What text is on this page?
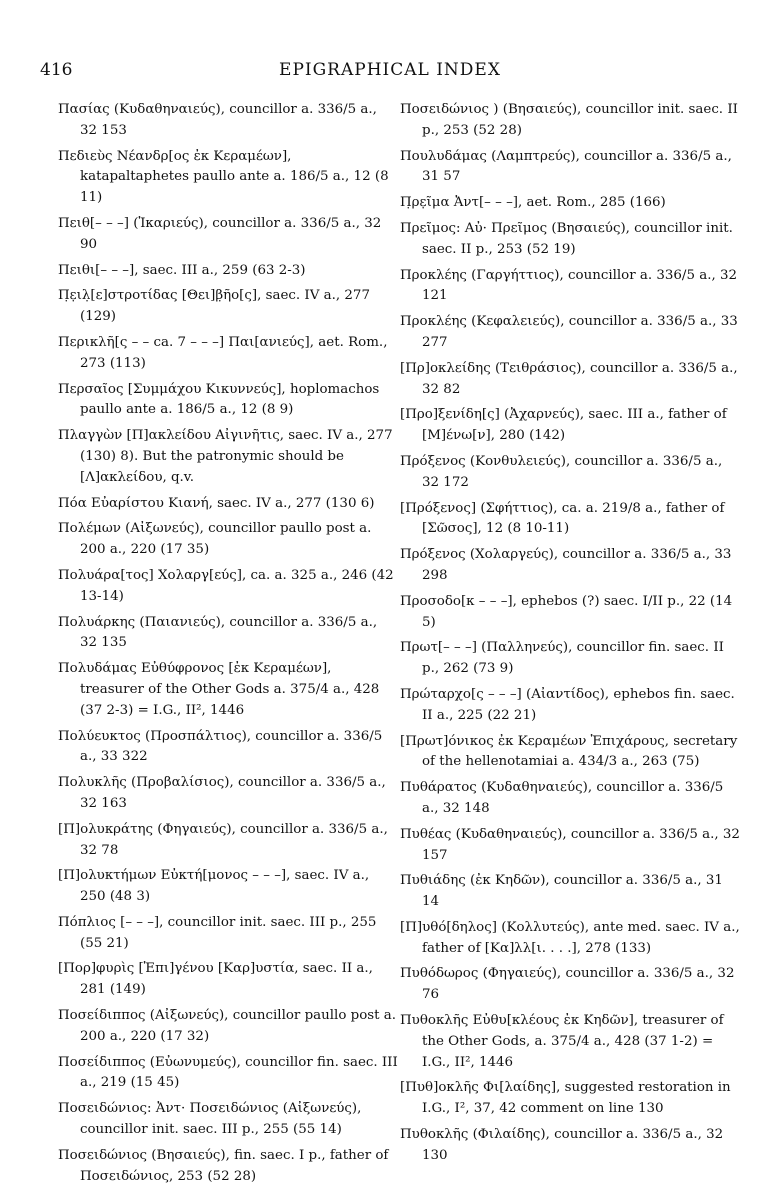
416	EPIGRAPHICAL INDEX

Πασίας (Κυδαθηναιεύς), councillor a. 336/5 a., 32 153

Πεδιεὺς Νέανδρ[ος ἐκ Κεραμέων], katapaltaphetes paullo ante a. 186/5 a., 12 (8 11)

Πειθ[– – –] (Ἰκαριεύς), councillor a. 336/5 a., 32 90

Πειθι[– – –], saec. III a., 259 (63 2-3)

Π̣ε̣ιλ̣[ε]στροτίδας [Θει]β̣ῆο[ς], saec. IV a., 277 (129)

Περικλῆ[ς – – ca. 7 – – –] Παι[ανιεύς], aet. Rom., 273 (113)

Περσαῖος [Συμμάχου Κικυννεύς], hoplomachos paullo ante a. 186/5 a., 12 (8 9)

Πλαγγὼν [Π]ακλείδου Αἰγινῆτις, saec. IV a., 277 (130) 8). But the patronymic should be [Λ]ακλείδου, q.v.

Πόα Εὐαρίστου Κιανή, saec. IV a., 277 (130 6)

Πολέμων (Αἰξωνεύς), councillor paullo post a. 200 a., 220 (17 35)

Πολυάρα[τος] Χολαργ[εύς], ca. a. 325 a., 246 (42 13-14)

Πολυάρκης (Παιανιεύς), councillor a. 336/5 a., 32 135

Πολυδάμας Εὐθύφρονος [ἐκ Κεραμέων], treasurer of the Other Gods a. 375/4 a., 428 (37 2-3) = I.G., II², 1446

Πολύευκτος (Προσπάλτιος), councillor a. 336/5 a., 33 322

Πολυκλῆς (Προβαλίσιος), councillor a. 336/5 a., 32 163

[Π]ολυκράτης (Φηγαιεύς), councillor a. 336/5 a., 32 78

[Π]ολυκτήμων Εὐκτή[μονος – – –], saec. IV a., 250 (48 3)

Πόπλιος [– – –], councillor init. saec. III p., 255 (55 21)

[Πορ]φυρὶς [Ἐπι]γένου [Καρ]υστία, saec. II a., 281 (149)

Ποσείδιππος (Αἰξωνεύς), councillor paullo post a. 200 a., 220 (17 32)

Ποσείδιππος (Εὐωνυμεύς), councillor fin. saec. III a., 219 (15 45)

Ποσειδώνιος: Ἀντ· Ποσειδώνιος (Αἰξωνεύς), councillor init. saec. III p., 255 (55 14)

Ποσειδώνιος (Βησαιεύς), fin. saec. I p., father of Ποσειδώνιος, 253 (52 28)

Ποσειδώνιος ) (Βησαιεύς), councillor init. saec. II p., 253 (52 28)

Πουλυδάμας (Λαμπτρεύς), councillor a. 336/5 a., 31 57

Π̣ρε̣ῖμα Ἀντ[– – –], aet. Rom., 285 (166)

Πρεῖμος: Αὐ· Πρεῖμος (Βησαιεύς), councillor init. saec. II p., 253 (52 19)

Προκλέης (Γαργήττιος), councillor a. 336/5 a., 32 121

Προκλέης (Κεφαλειεύς), councillor a. 336/5 a., 33 277

[Πρ]οκλείδης (Τειθράσιος), councillor a. 336/5 a., 32 82

[Προ]ξενίδη[ς] (Ἀχαρνεύς), saec. III a., father of [Μ]ένω[ν], 280 (142)

Πρόξενος (Κονθυλειεύς), councillor a. 336/5 a., 32 172

[Πρόξενος] (Σφήττιος), ca. a. 219/8 a., father of [Σῶσος], 12 (8 10-11)

Πρόξενος (Χολαργεύς), councillor a. 336/5 a., 33 298

Προσοδο[κ – – –], ephebos (?) saec. I/II p., 22 (14 5)

Πρωτ[– – –] (Παλληνεύς), councillor fin. saec. II p., 262 (73 9)

Πρώταρχο[ς – – –] (Αἰαντίδος), ephebos fin. saec. II a., 225 (22 21)

[Πρωτ]όνικος ἐκ Κεραμέων Ἐπιχάρους, secretary of the hellenotamiai a. 434/3 a., 263 (75)

Πυθάρατος (Κυδαθηναιεύς), councillor a. 336/5 a., 32 148

Πυθέας (Κυδαθηναιεύς), councillor a. 336/5 a., 32 157

Πυθιάδης (ἐκ Κηδῶν), councillor a. 336/5 a., 31 14

[Π]υθό[δηλος] (Κολλυτεύς), ante med. saec. IV a., father of [Κα]λλ[ι. . . .], 278 (133)

Πυθόδωρος (Φηγαιεύς), councillor a. 336/5 a., 32 76

Πυθοκλῆς Εὐθυ[κλέους ἐκ Κηδῶν], treasurer of the Other Gods, a. 375/4 a., 428 (37 1-2) = I.G., II², 1446

[Πυθ]οκλῆς Φι[λαίδης], suggested restoration in I.G., I², 37, 42 comment on line 130

Πυθοκλῆς (Φιλαίδης), councillor a. 336/5 a., 32 130
